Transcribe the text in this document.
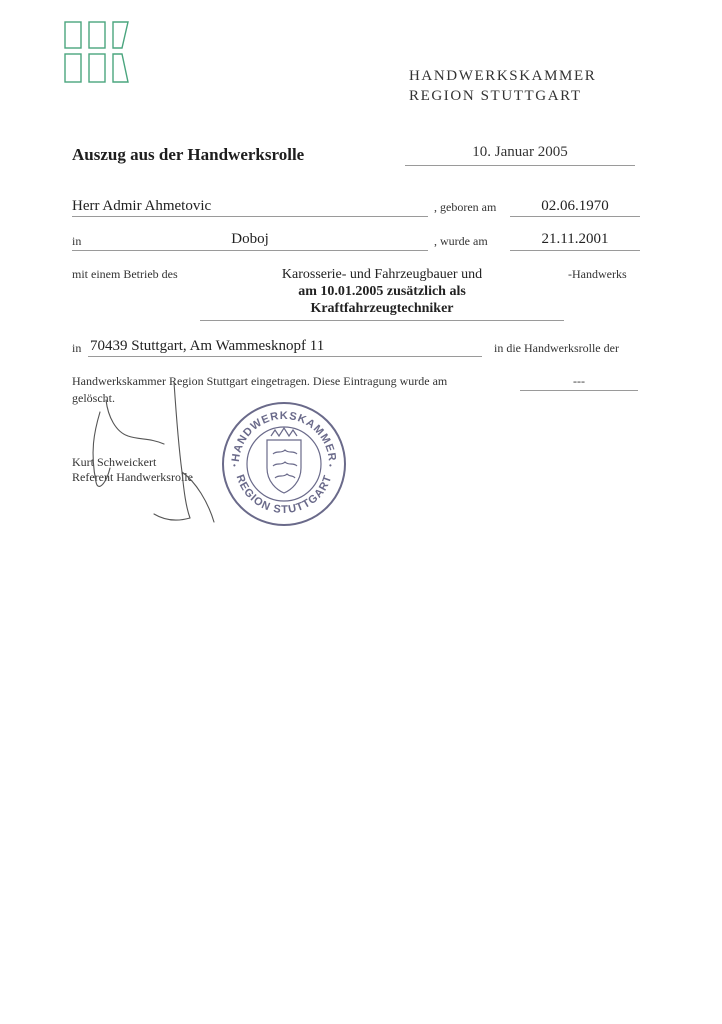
HANDWERKSKAMMER
REGION STUTTGART
Auszug aus der Handwerksrolle	10. Januar 2005
Herr Admir Ahmetovic	, geboren am	02.06.1970
in	Doboj	, wurde am	21.11.2001
mit einem Betrieb des	Karosserie- und Fahrzeugbauer und
am 10.01.2005 zusätzlich als
Kraftfahrzeugtechniker
-Handwerks
in 70439 Stuttgart, Am Wammesknopf 11	in die Handwerksrolle der
Handwerkskammer Region Stuttgart eingetragen. Diese Eintragung wurde am	---
gelöscht.
Kurt Schweickert
Referent Handwerksrolle
HANDWERKSKAMMER
REGION STUTTGART
•	•
